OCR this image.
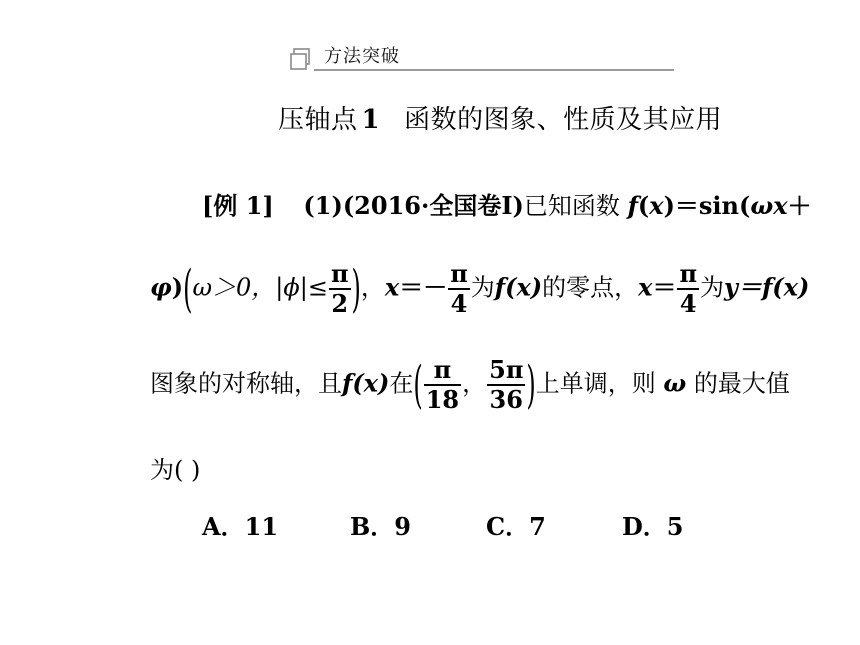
方法突破
压轴点 1 函数的图象、性质及其应用
[例 1] (1)(2016·全国卷Ⅰ)已知函数 f(x)＝sin(ωx＋
φ)(ω＞0，$|\phi|\le \frac{\pi}{2}$ )，$x=- \frac{\pi}{4}$ 为f(x)的零点，$x= \frac{\pi}{4}$ 为y＝f(x)
图象的对称轴，且f(x)在( $\frac{\pi}{18}$ ， $\frac{5\pi}{36}$ )上单调，则 ω 的最大值
为( )
A．11	B．9	C．7	D．5
